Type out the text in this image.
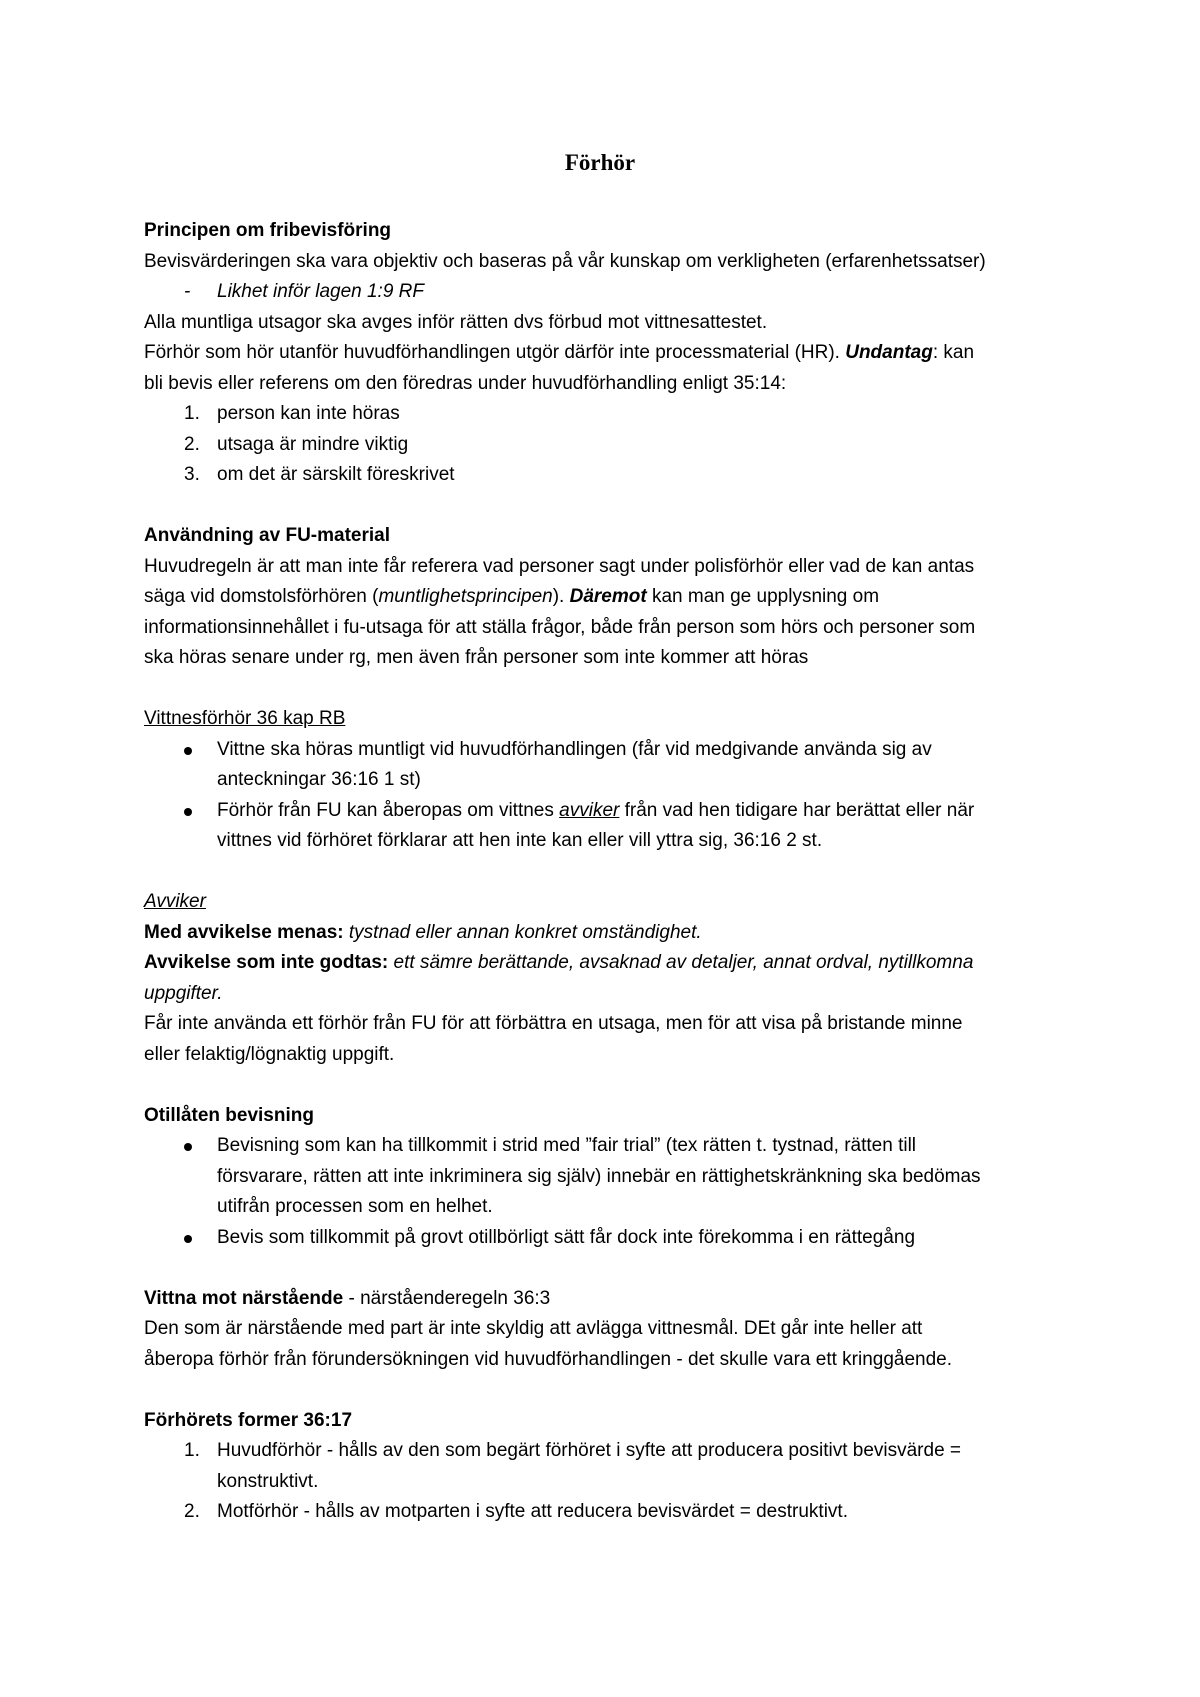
Förhör
Principen om fribevisföring
Bevisvärderingen ska vara objektiv och baseras på vår kunskap om verkligheten (erfarenhetssatser)
- Likhet inför lagen 1:9 RF
Alla muntliga utsagor ska avges inför rätten dvs förbud mot vittnesattestet.
Förhör som hör utanför huvudförhandlingen utgör därför inte processmaterial (HR). Undantag: kan
bli bevis eller referens om den föredras under huvudförhandling enligt 35:14:
1. person kan inte höras
2. utsaga är mindre viktig
3. om det är särskilt föreskrivet
Användning av FU-material
Huvudregeln är att man inte får referera vad personer sagt under polisförhör eller vad de kan antas
säga vid domstolsförhören (muntlighetsprincipen). Däremot kan man ge upplysning om
informationsinnehållet i fu-utsaga för att ställa frågor, både från person som hörs och personer som
ska höras senare under rg, men även från personer som inte kommer att höras
Vittnesförhör 36 kap RB
Vittne ska höras muntligt vid huvudförhandlingen (får vid medgivande använda sig av
anteckningar 36:16 1 st)
Förhör från FU kan åberopas om vittnes avviker från vad hen tidigare har berättat eller när
vittnes vid förhöret förklarar att hen inte kan eller vill yttra sig, 36:16 2 st.
Avviker
Med avvikelse menas: tystnad eller annan konkret omständighet.
Avvikelse som inte godtas: ett sämre berättande, avsaknad av detaljer, annat ordval, nytillkomna
uppgifter.
Får inte använda ett förhör från FU för att förbättra en utsaga, men för att visa på bristande minne
eller felaktig/lögnaktig uppgift.
Otillåten bevisning
Bevisning som kan ha tillkommit i strid med ”fair trial” (tex rätten t. tystnad, rätten till
försvarare, rätten att inte inkriminera sig själv) innebär en rättighetskränkning ska bedömas
utifrån processen som en helhet.
Bevis som tillkommit på grovt otillbörligt sätt får dock inte förekomma i en rättegång
Vittna mot närstående - närståenderegeln 36:3
Den som är närstående med part är inte skyldig att avlägga vittnesmål. DEt går inte heller att
åberopa förhör från förundersökningen vid huvudförhandlingen - det skulle vara ett kringgående.
Förhörets former 36:17
1. Huvudförhör - hålls av den som begärt förhöret i syfte att producera positivt bevisvärde =
konstruktivt.
2. Motförhör - hålls av motparten i syfte att reducera bevisvärdet = destruktivt.
